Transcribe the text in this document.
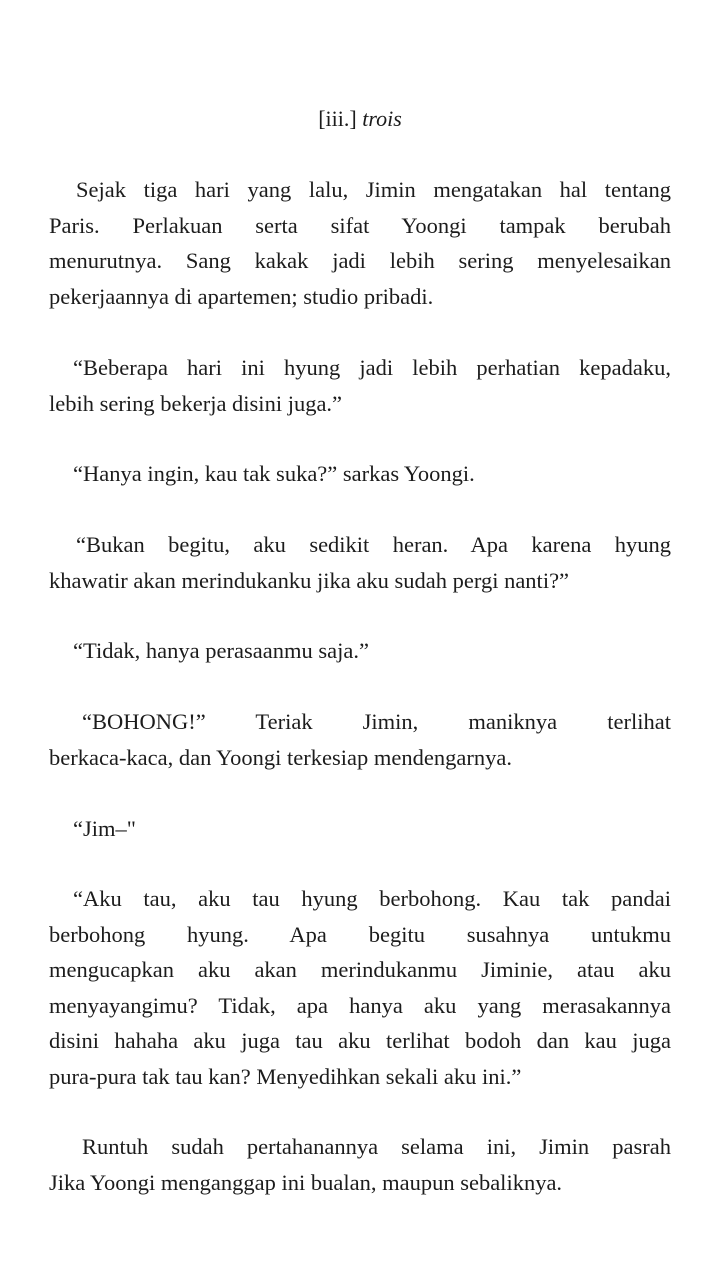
[iii.] trois

Sejak tiga hari yang lalu, Jimin mengatakan hal tentang
Paris. Perlakuan serta sifat Yoongi tampak berubah
menurutnya. Sang kakak jadi lebih sering menyelesaikan
pekerjaannya di apartemen; studio pribadi.

“Beberapa hari ini hyung jadi lebih perhatian kepadaku,
lebih sering bekerja disini juga.”

“Hanya ingin, kau tak suka?” sarkas Yoongi.

“Bukan begitu, aku sedikit heran. Apa karena hyung
khawatir akan merindukanku jika aku sudah pergi nanti?”

“Tidak, hanya perasaanmu saja.”

“BOHONG!” Teriak Jimin, maniknya terlihat
berkaca-kaca, dan Yoongi terkesiap mendengarnya.

“Jim–"

“Aku tau, aku tau hyung berbohong. Kau tak pandai
berbohong hyung. Apa begitu susahnya untukmu
mengucapkan aku akan merindukanmu Jiminie, atau aku
menyayangimu? Tidak, apa hanya aku yang merasakannya
disini hahaha aku juga tau aku terlihat bodoh dan kau juga
pura-pura tak tau kan? Menyedihkan sekali aku ini.”

Runtuh sudah pertahanannya selama ini, Jimin pasrah
Jika Yoongi menganggap ini bualan, maupun sebaliknya.
